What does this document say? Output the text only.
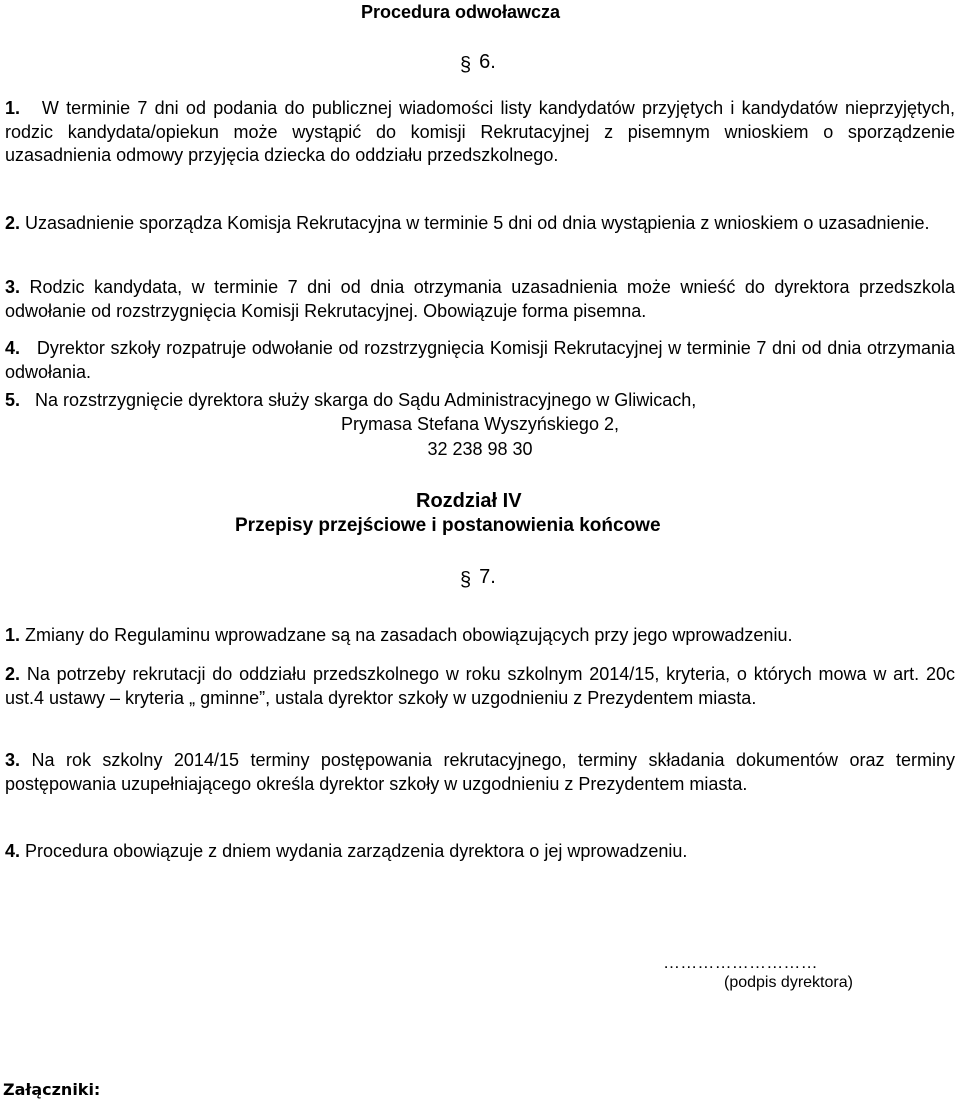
Procedura odwoławcza

§ 6.

1. W terminie 7 dni od podania do publicznej wiadomości listy kandydatów przyjętych i kandydatów nieprzyjętych, rodzic kandydata/opiekun może wystąpić do komisji Rekrutacyjnej z pisemnym wnioskiem o sporządzenie uzasadnienia odmowy przyjęcia dziecka do oddziału przedszkolnego.

2. Uzasadnienie sporządza Komisja Rekrutacyjna w terminie 5 dni od dnia wystąpienia z wnioskiem o uzasadnienie.

3. Rodzic kandydata, w terminie 7 dni od dnia otrzymania uzasadnienia może wnieść do dyrektora przedszkola odwołanie od rozstrzygnięcia Komisji Rekrutacyjnej. Obowiązuje forma pisemna.

4. Dyrektor szkoły rozpatruje odwołanie od rozstrzygnięcia Komisji Rekrutacyjnej w terminie 7 dni od dnia otrzymania odwołania.

5. Na rozstrzygnięcie dyrektora służy skarga do Sądu Administracyjnego w Gliwicach,

Prymasa Stefana Wyszyńskiego 2,

32 238 98 30

Rozdział IV

Przepisy przejściowe i postanowienia końcowe

§ 7.

1. Zmiany do Regulaminu wprowadzane są na zasadach obowiązujących przy jego wprowadzeniu.

2. Na potrzeby rekrutacji do oddziału przedszkolnego w roku szkolnym 2014/15, kryteria, o których mowa w art. 20c ust.4 ustawy – kryteria „ gminne”, ustala dyrektor szkoły w uzgodnieniu z Prezydentem miasta.

3. Na rok szkolny 2014/15 terminy postępowania rekrutacyjnego, terminy składania dokumentów oraz terminy postępowania uzupełniającego określa dyrektor szkoły w uzgodnieniu z Prezydentem miasta.

4. Procedura obowiązuje z dniem wydania zarządzenia dyrektora o jej wprowadzeniu.

………………………

(podpis dyrektora)

Załączniki:
